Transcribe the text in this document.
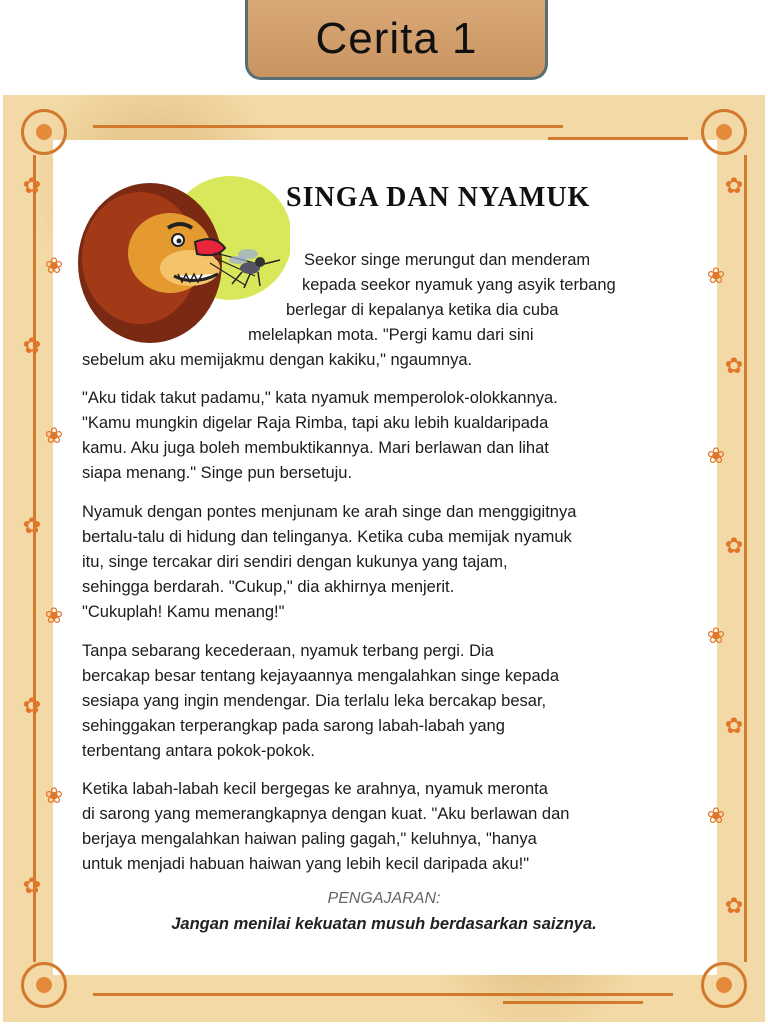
Cerita 1
✿
❀
✿
❀
✿
❀
✿
❀
✿
✿
❀
✿
❀
✿
❀
✿
❀
✿
SINGA DAN NYAMUK
Seekor singe merungut dan menderam
kepada seekor nyamuk yang asyik terbang
berlegar di kepalanya ketika dia cuba
melelapkan mota. "Pergi kamu dari sini
sebelum aku memijakmu dengan kakiku," ngaumnya.
"Aku tidak takut padamu," kata nyamuk memperolok-olokkannya.
"Kamu mungkin digelar Raja Rimba, tapi aku lebih kualdaripada
kamu. Aku juga boleh membuktikannya. Mari berlawan dan lihat
siapa menang." Singe pun bersetuju.
Nyamuk dengan pontes menjunam ke arah singe dan menggigitnya
bertalu-talu di hidung dan telinganya. Ketika cuba memijak nyamuk
itu, singe tercakar diri sendiri dengan kukunya yang tajam,
sehingga berdarah. "Cukup," dia akhirnya menjerit.
"Cukuplah! Kamu menang!"
Tanpa sebarang kecederaan, nyamuk terbang pergi. Dia
bercakap besar tentang kejayaannya mengalahkan singe kepada
sesiapa yang ingin mendengar. Dia terlalu leka bercakap besar,
sehinggakan terperangkap pada sarong labah-labah yang
terbentang antara pokok-pokok.
Ketika labah-labah kecil bergegas ke arahnya, nyamuk meronta
di sarong yang memerangkapnya dengan kuat. "Aku berlawan dan
berjaya mengalahkan haiwan paling gagah," keluhnya, "hanya
untuk menjadi habuan haiwan yang lebih kecil daripada aku!"
PENGAJARAN:
Jangan menilai kekuatan musuh berdasarkan saiznya.
